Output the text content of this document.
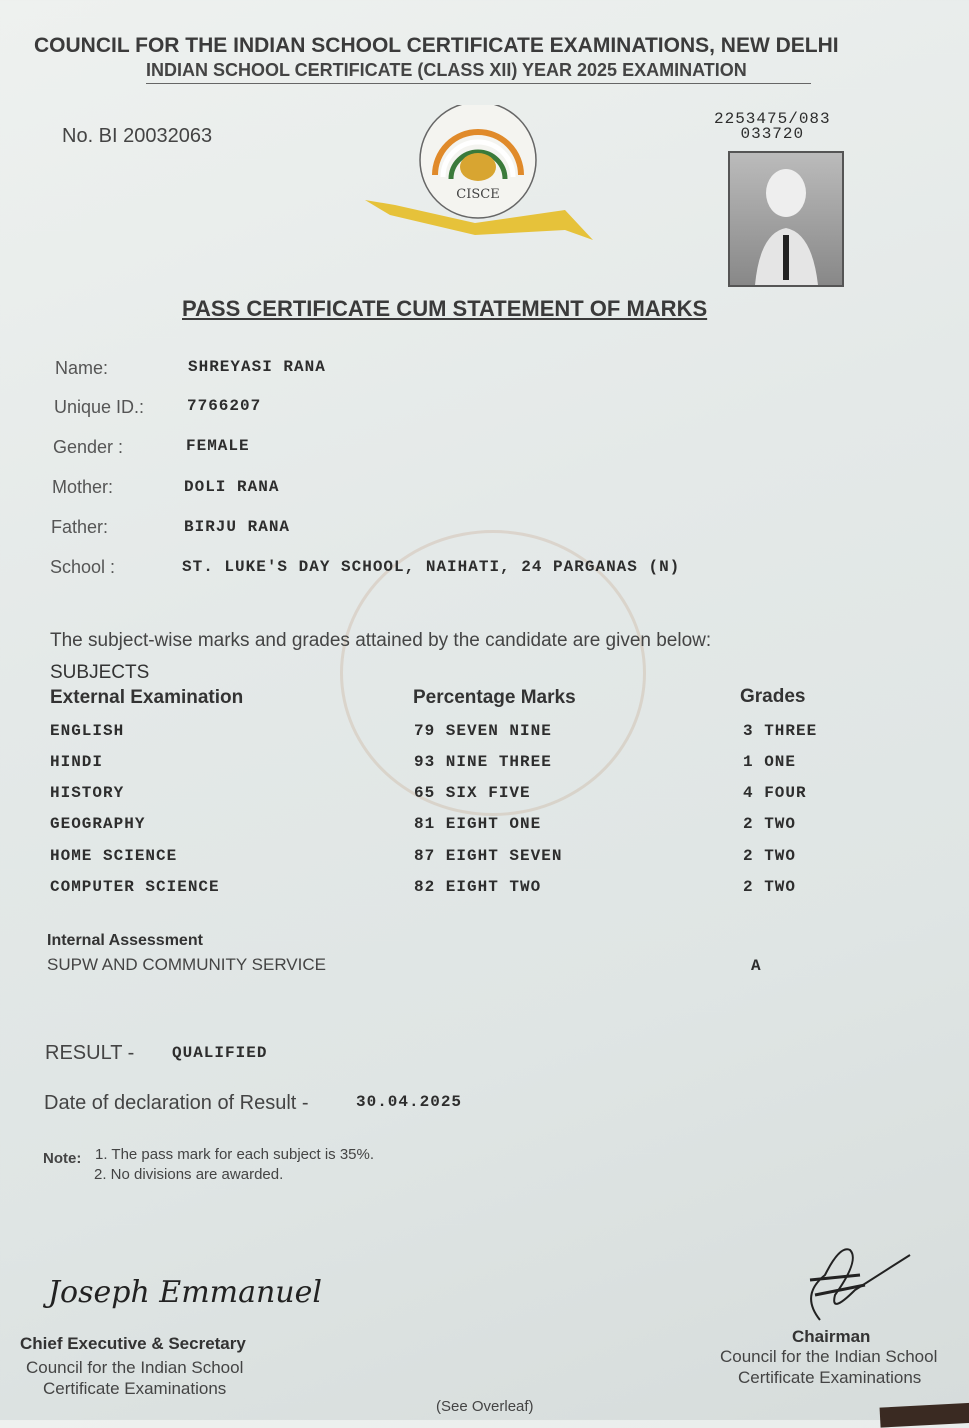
COUNCIL FOR THE INDIAN SCHOOL CERTIFICATE EXAMINATIONS, NEW DELHI
INDIAN SCHOOL CERTIFICATE (CLASS XII) YEAR 2025 EXAMINATION
No. BI 20032063
2253475/083
033720
CISCE
PASS CERTIFICATE CUM STATEMENT OF MARKS
Name:	SHREYASI RANA
Unique ID.:	7766207
Gender :	FEMALE
Mother:	DOLI RANA
Father:	BIRJU RANA
School :	ST. LUKE'S DAY SCHOOL, NAIHATI, 24 PARGANAS (N)
The subject-wise marks and grades attained by the candidate are given below:
SUBJECTS
External Examination	Percentage Marks	Grades
ENGLISH	79 SEVEN NINE	3 THREE
HINDI	93 NINE THREE	1 ONE
HISTORY	65 SIX FIVE	4 FOUR
GEOGRAPHY	81 EIGHT ONE	2 TWO
HOME SCIENCE	87 EIGHT SEVEN	2 TWO
COMPUTER SCIENCE	82 EIGHT TWO	2 TWO
Internal Assessment
SUPW AND COMMUNITY SERVICE	A
RESULT - QUALIFIED
Date of declaration of Result -	30.04.2025
Note: 1. The pass mark for each subject is 35%.
2. No divisions are awarded.
Joseph Emmanuel
Chief Executive & Secretary
Council for the Indian School
Certificate Examinations
Chairman
Council for the Indian School
Certificate Examinations
(See Overleaf)
